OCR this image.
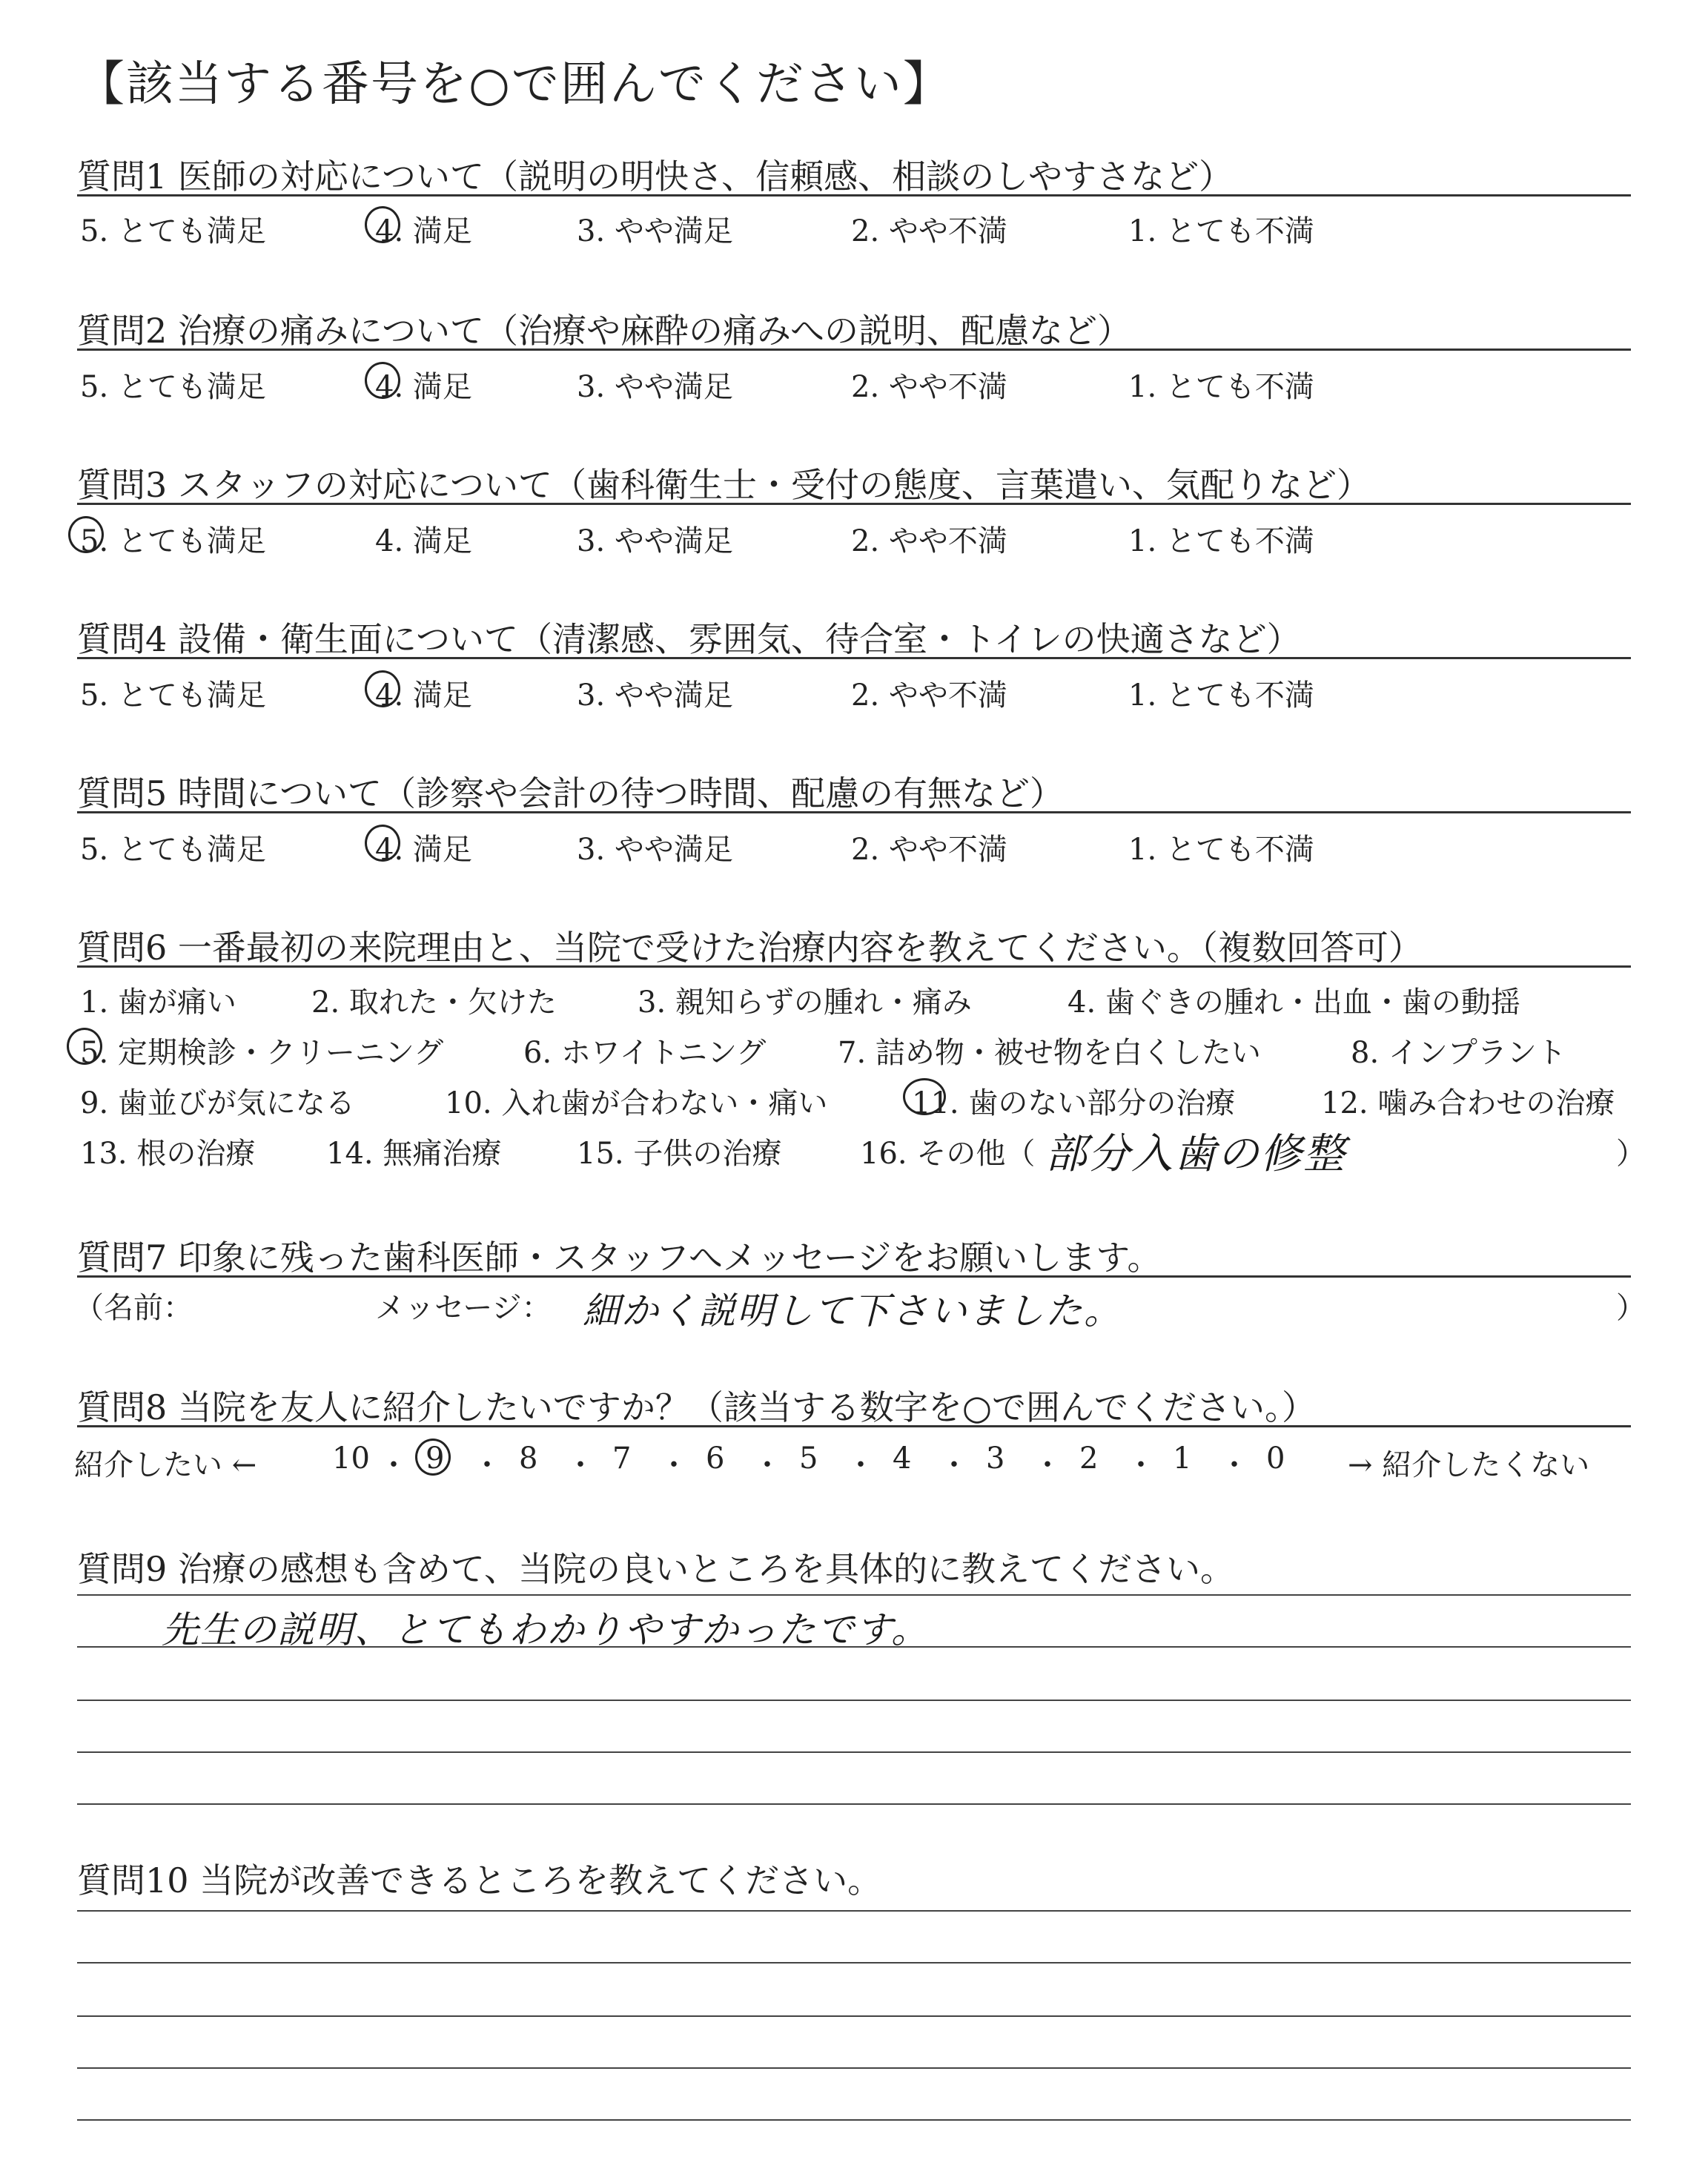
【該当する番号を○で囲んでください】
質問1 医師の対応について（説明の明快さ、信頼感、相談のしやすさなど）
5. とても満足	4. 満足	3. やや満足	2. やや不満	1. とても不満
質問2 治療の痛みについて（治療や麻酔の痛みへの説明、配慮など）
5. とても満足	4. 満足	3. やや満足	2. やや不満	1. とても不満
質問3 スタッフの対応について（歯科衛生士・受付の態度、言葉遣い、気配りなど）
5. とても満足	4. 満足	3. やや満足	2. やや不満	1. とても不満
質問4 設備・衛生面について（清潔感、雰囲気、待合室・トイレの快適さなど）
5. とても満足	4. 満足	3. やや満足	2. やや不満	1. とても不満
質問5 時間について（診察や会計の待つ時間、配慮の有無など）
5. とても満足	4. 満足	3. やや満足	2. やや不満	1. とても不満
質問6 一番最初の来院理由と、当院で受けた治療内容を教えてください。（複数回答可）
1. 歯が痛い	2. 取れた・欠けた	3. 親知らずの腫れ・痛み	4. 歯ぐきの腫れ・出血・歯の動揺
5. 定期検診・クリーニング	6. ホワイトニング 7. 詰め物・被せ物を白くしたい	8. インプラント
9. 歯並びが気になる	10. 入れ歯が合わない・痛い	11. 歯のない部分の治療	12. 噛み合わせの治療
13. 根の治療 14. 無痛治療	15. 子供の治療	16. その他（ 部分入歯の修整	）
質問7 印象に残った歯科医師・スタッフへメッセージをお願いします。
（名前：	メッセージ： 細かく説明して下さいました。	）
質問8 当院を友人に紹介したいですか？（該当する数字を○で囲んでください。）
紹介したい ←	10 ・ 9 ・ 8 ・ 7 ・ 6 ・ 5 ・ 4 ・ 3 ・ 2 ・ 1 ・ 0 → 紹介したくない
質問9 治療の感想も含めて、当院の良いところを具体的に教えてください。
先生の説明、とてもわかりやすかったです。
質問10 当院が改善できるところを教えてください。
